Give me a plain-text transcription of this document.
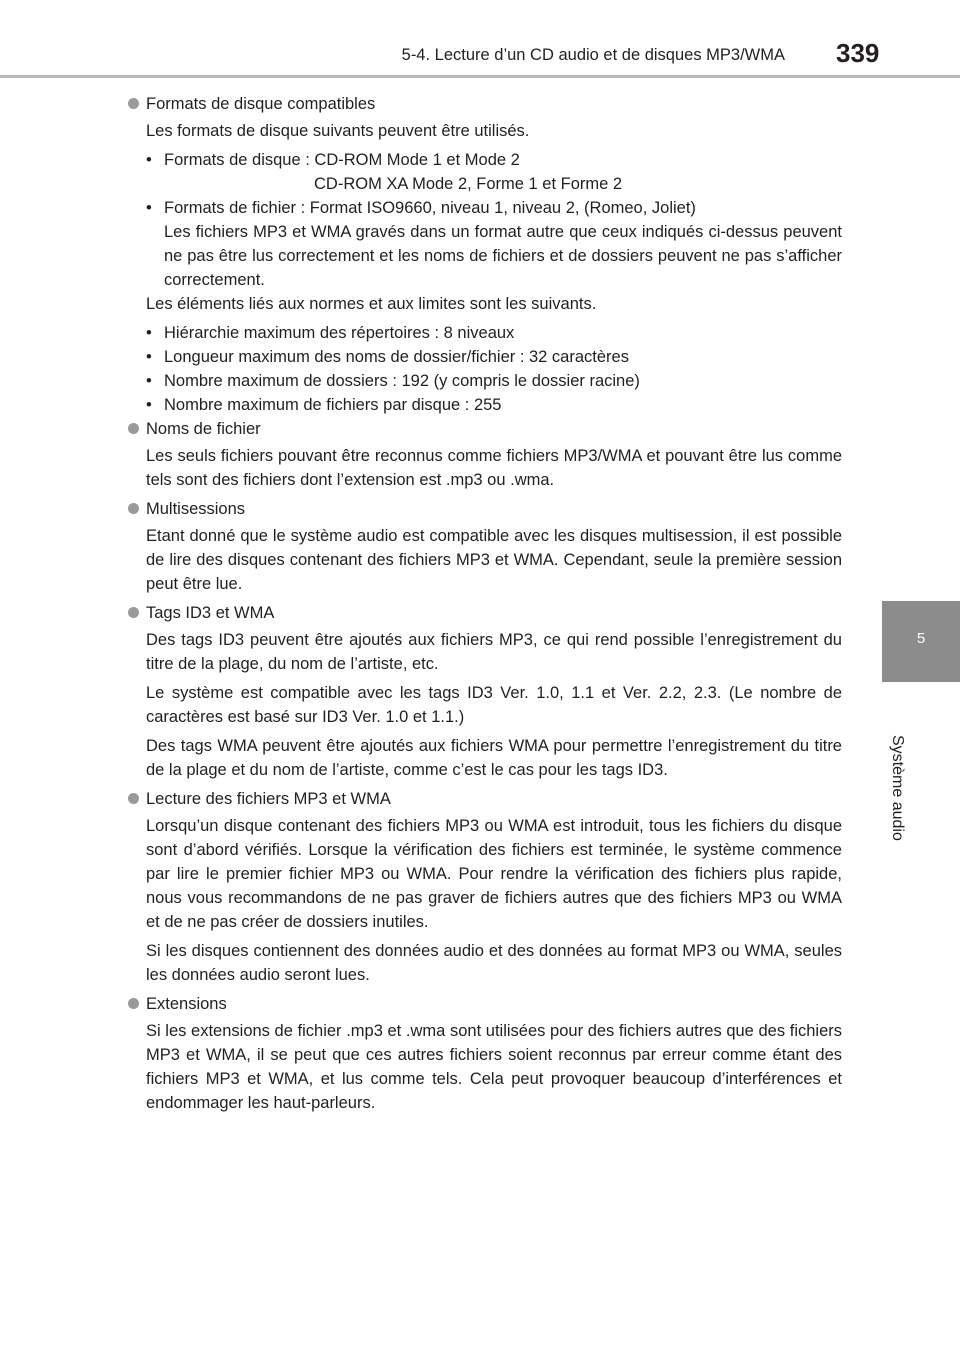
5-4. Lecture d’un CD audio et de disques MP3/WMA 339
5
Système audio
Formats de disque compatibles

Les formats de disque suivants peuvent être utilisés.

• Formats de disque : CD-ROM Mode 1 et Mode 2
CD-ROM XA Mode 2, Forme 1 et Forme 2
• Formats de fichier : Format ISO9660, niveau 1, niveau 2, (Romeo, Joliet)
Les fichiers MP3 et WMA gravés dans un format autre que ceux indiqués ci-dessus peuvent ne pas être lus correctement et les noms de fichiers et de dossiers peuvent ne pas s’afficher correctement.

Les éléments liés aux normes et aux limites sont les suivants.

• Hiérarchie maximum des répertoires : 8 niveaux
• Longueur maximum des noms de dossier/fichier : 32 caractères
• Nombre maximum de dossiers : 192 (y compris le dossier racine)
• Nombre maximum de fichiers par disque : 255
Noms de fichier

Les seuls fichiers pouvant être reconnus comme fichiers MP3/WMA et pouvant être lus comme tels sont des fichiers dont l’extension est .mp3 ou .wma.

Multisessions

Etant donné que le système audio est compatible avec les disques multisession, il est possible de lire des disques contenant des fichiers MP3 et WMA. Cependant, seule la première session peut être lue.

Tags ID3 et WMA

Des tags ID3 peuvent être ajoutés aux fichiers MP3, ce qui rend possible l’enregistrement du titre de la plage, du nom de l’artiste, etc.

Le système est compatible avec les tags ID3 Ver. 1.0, 1.1 et Ver. 2.2, 2.3. (Le nombre de caractères est basé sur ID3 Ver. 1.0 et 1.1.)

Des tags WMA peuvent être ajoutés aux fichiers WMA pour permettre l’enregistrement du titre de la plage et du nom de l’artiste, comme c’est le cas pour les tags ID3.

Lecture des fichiers MP3 et WMA

Lorsqu’un disque contenant des fichiers MP3 ou WMA est introduit, tous les fichiers du disque sont d’abord vérifiés. Lorsque la vérification des fichiers est terminée, le système commence par lire le premier fichier MP3 ou WMA. Pour rendre la vérification des fichiers plus rapide, nous vous recommandons de ne pas graver de fichiers autres que des fichiers MP3 ou WMA et de ne pas créer de dossiers inutiles.

Si les disques contiennent des données audio et des données au format MP3 ou WMA, seules les données audio seront lues.

Extensions

Si les extensions de fichier .mp3 et .wma sont utilisées pour des fichiers autres que des fichiers MP3 et WMA, il se peut que ces autres fichiers soient reconnus par erreur comme étant des fichiers MP3 et WMA, et lus comme tels. Cela peut provoquer beaucoup d’interférences et endommager les haut-parleurs.
